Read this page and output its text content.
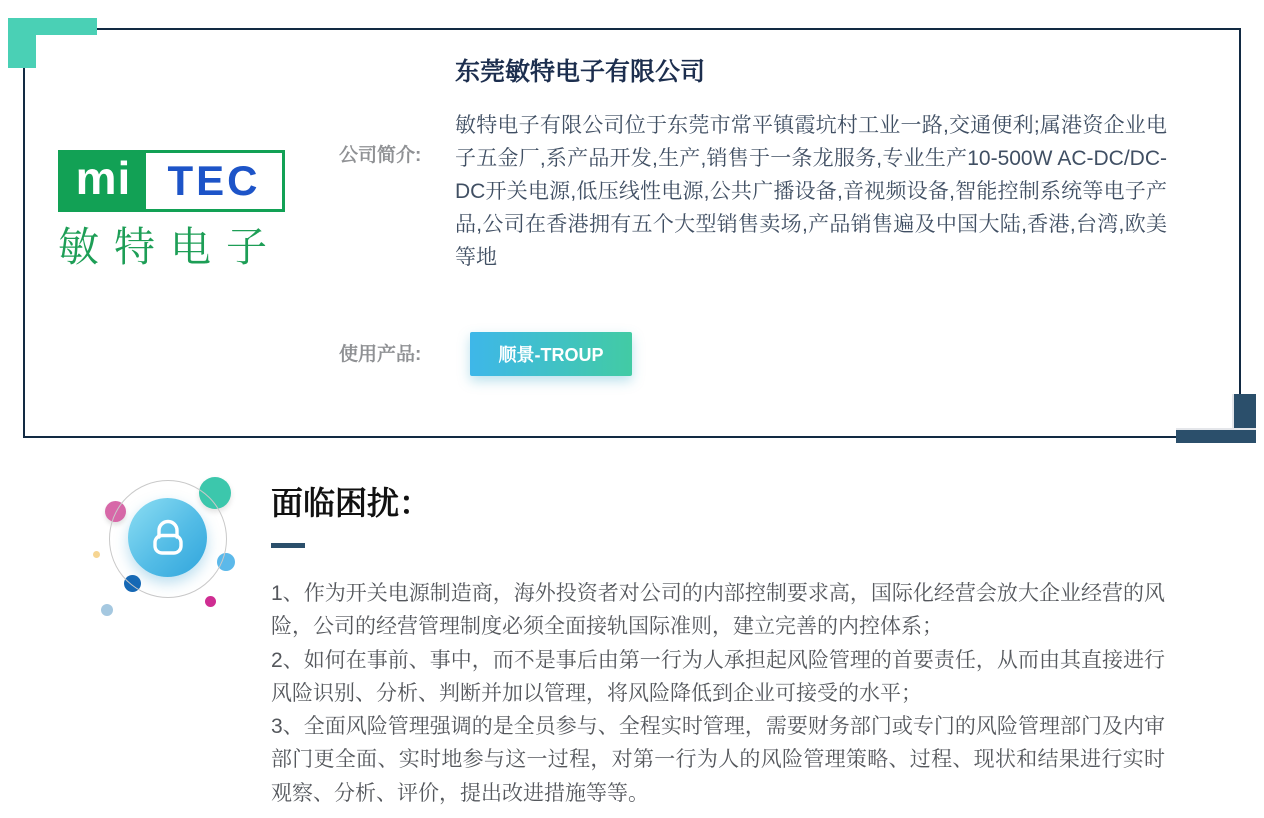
mi TEC
敏特电子
东莞敏特电子有限公司
公司简介:
敏特电子有限公司位于东莞市常平镇霞坑村工业一路,交通便利;属港资企业电子五金厂,系产品开发,生产,销售于一条龙服务,专业生产10-500W AC-DC/DC-DC开关电源,低压线性电源,公共广播设备,音视频设备,智能控制系统等电子产品,公司在香港拥有五个大型销售卖场,产品销售遍及中国大陆,香港,台湾,欧美等地
使用产品:	顺景-TROUP
面临困扰：
1、作为开关电源制造商，海外投资者对公司的内部控制要求高，国际化经营会放大企业经营的风险，公司的经营管理制度必须全面接轨国际准则，建立完善的内控体系；
2、如何在事前、事中，而不是事后由第一行为人承担起风险管理的首要责任，从而由其直接进行风险识别、分析、判断并加以管理，将风险降低到企业可接受的水平；
3、全面风险管理强调的是全员参与、全程实时管理，需要财务部门或专门的风险管理部门及内审部门更全面、实时地参与这一过程，对第一行为人的风险管理策略、过程、现状和结果进行实时观察、分析、评价，提出改进措施等等。
